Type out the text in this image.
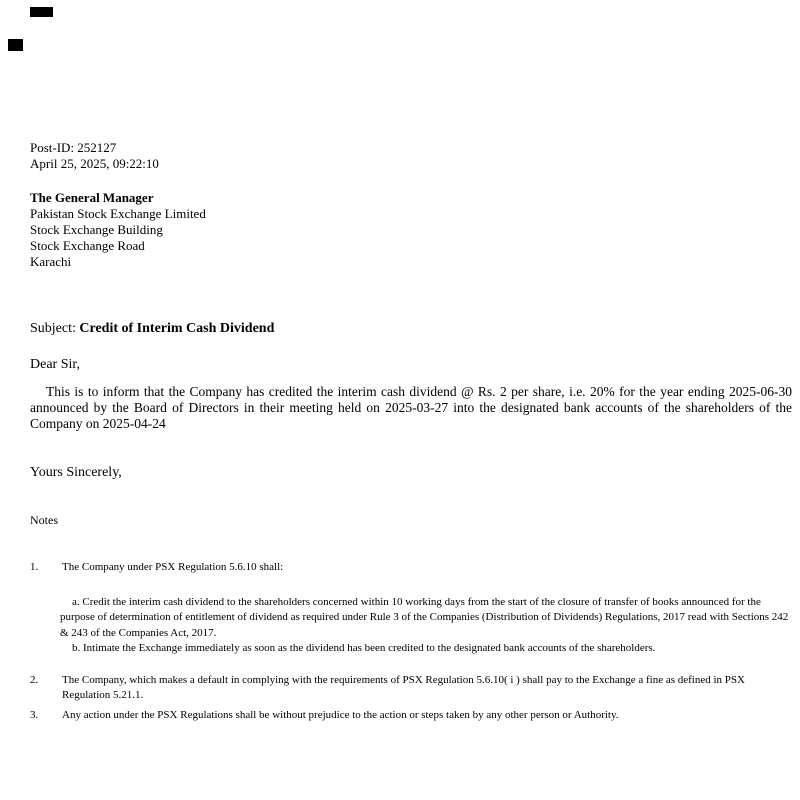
Post-ID: 252127
April 25, 2025, 09:22:10
The General Manager
Pakistan Stock Exchange Limited
Stock Exchange Building
Stock Exchange Road
Karachi
Subject: Credit of Interim Cash Dividend
Dear Sir,

This is to inform that the Company has credited the interim cash dividend @ Rs. 2 per share, i.e. 20% for the year ending 2025-06-30 announced by the Board of Directors in their meeting held on 2025-03-27 into the designated bank accounts of the shareholders of the Company on 2025-04-24

Yours Sincerely,
Notes
1.	The Company under PSX Regulation 5.6.10 shall:
a. Credit the interim cash dividend to the shareholders concerned within 10 working days from the start of the closure of transfer of books announced for the purpose of determination of entitlement of dividend as required under Rule 3 of the Companies (Distribution of Dividends) Regulations, 2017 read with Sections 242 & 243 of the Companies Act, 2017.
b. Intimate the Exchange immediately as soon as the dividend has been credited to the designated bank accounts of the shareholders.
2.	The Company, which makes a default in complying with the requirements of PSX Regulation 5.6.10( i ) shall pay to the Exchange a fine as defined in PSX Regulation 5.21.1.
3.	Any action under the PSX Regulations shall be without prejudice to the action or steps taken by any other person or Authority.
